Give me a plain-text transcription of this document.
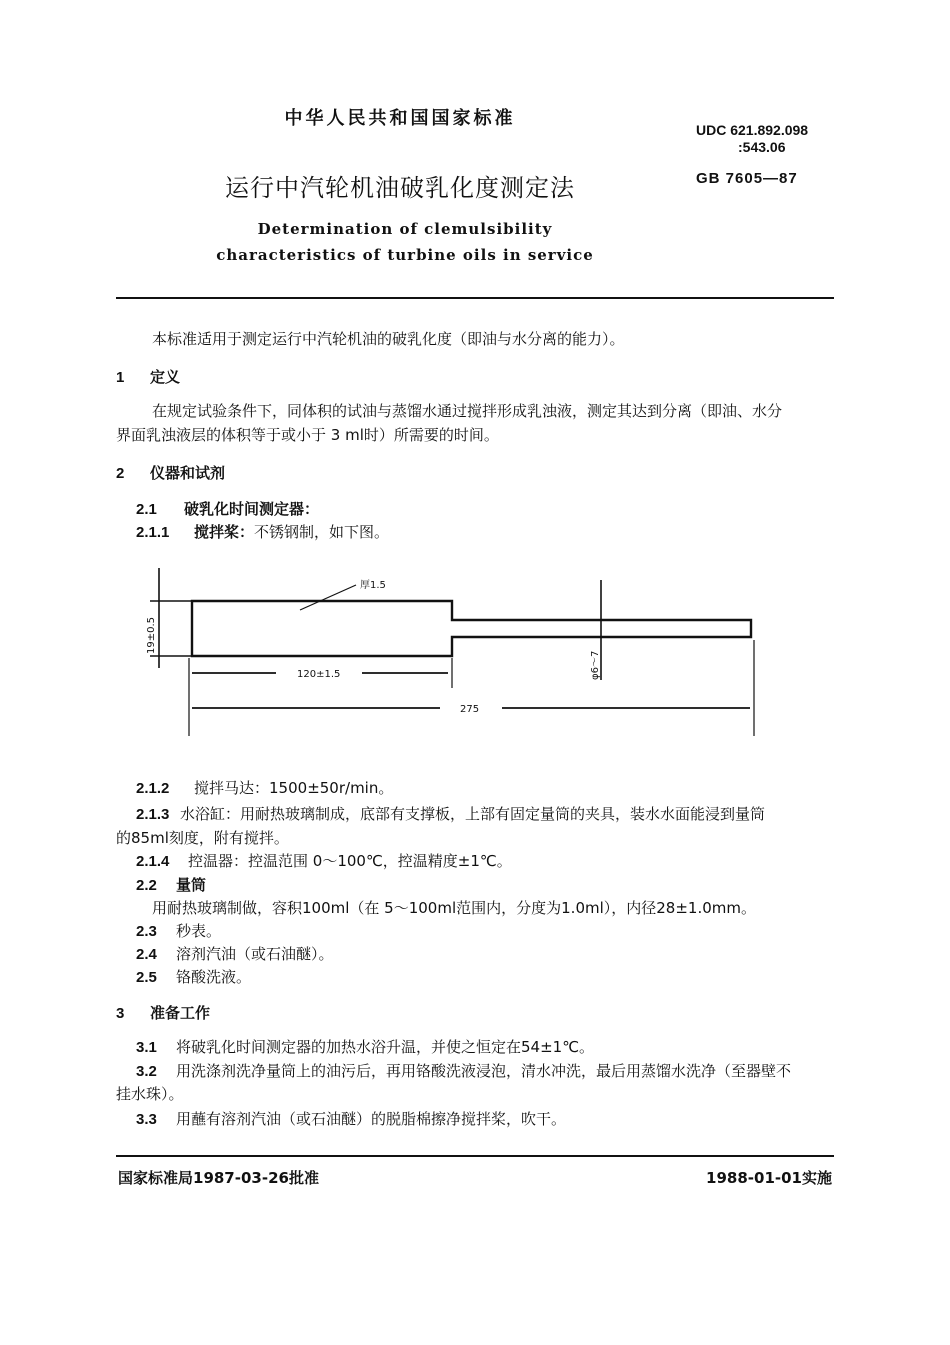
中华人民共和国国家标准
UDC 621.892.098
:543.06
运行中汽轮机油破乳化度测定法	GB 7605—87
Determination of clemulsibility
characteristics of turbine oils in service
本标准适用于测定运行中汽轮机油的破乳化度（即油与水分离的能力）。
1 定义
在规定试验条件下，同体积的试油与蒸馏水通过搅拌形成乳浊液，测定其达到分离（即油、水分
界面乳浊液层的体积等于或小于 3 ml时）所需要的时间。
2 仪器和试剂
2.1 破乳化时间测定器：
2.1.1 搅拌桨：不锈钢制，如下图。
厚1.5
19±0.5
120±1.5	φ6～7
275
2.1.2 搅拌马达：1500±50r/min。
2.1.3 水浴缸：用耐热玻璃制成，底部有支撑板，上部有固定量筒的夹具，装水水面能浸到量筒
的85ml刻度，附有搅拌。
2.1.4 控温器：控温范围 0～100℃，控温精度±1℃。
2.2 量筒
用耐热玻璃制做，容积100ml（在 5～100ml范围内，分度为1.0ml），内径28±1.0mm。
2.3 秒表。
2.4 溶剂汽油（或石油醚）。
2.5 铬酸洗液。
3 准备工作
3.1 将破乳化时间测定器的加热水浴升温，并使之恒定在54±1℃。
3.2 用洗涤剂洗净量筒上的油污后，再用铬酸洗液浸泡，清水冲洗，最后用蒸馏水洗净（至器壁不
挂水珠）。
3.3 用蘸有溶剂汽油（或石油醚）的脱脂棉擦净搅拌桨，吹干。
国家标准局1987-03-26批准	1988-01-01实施
